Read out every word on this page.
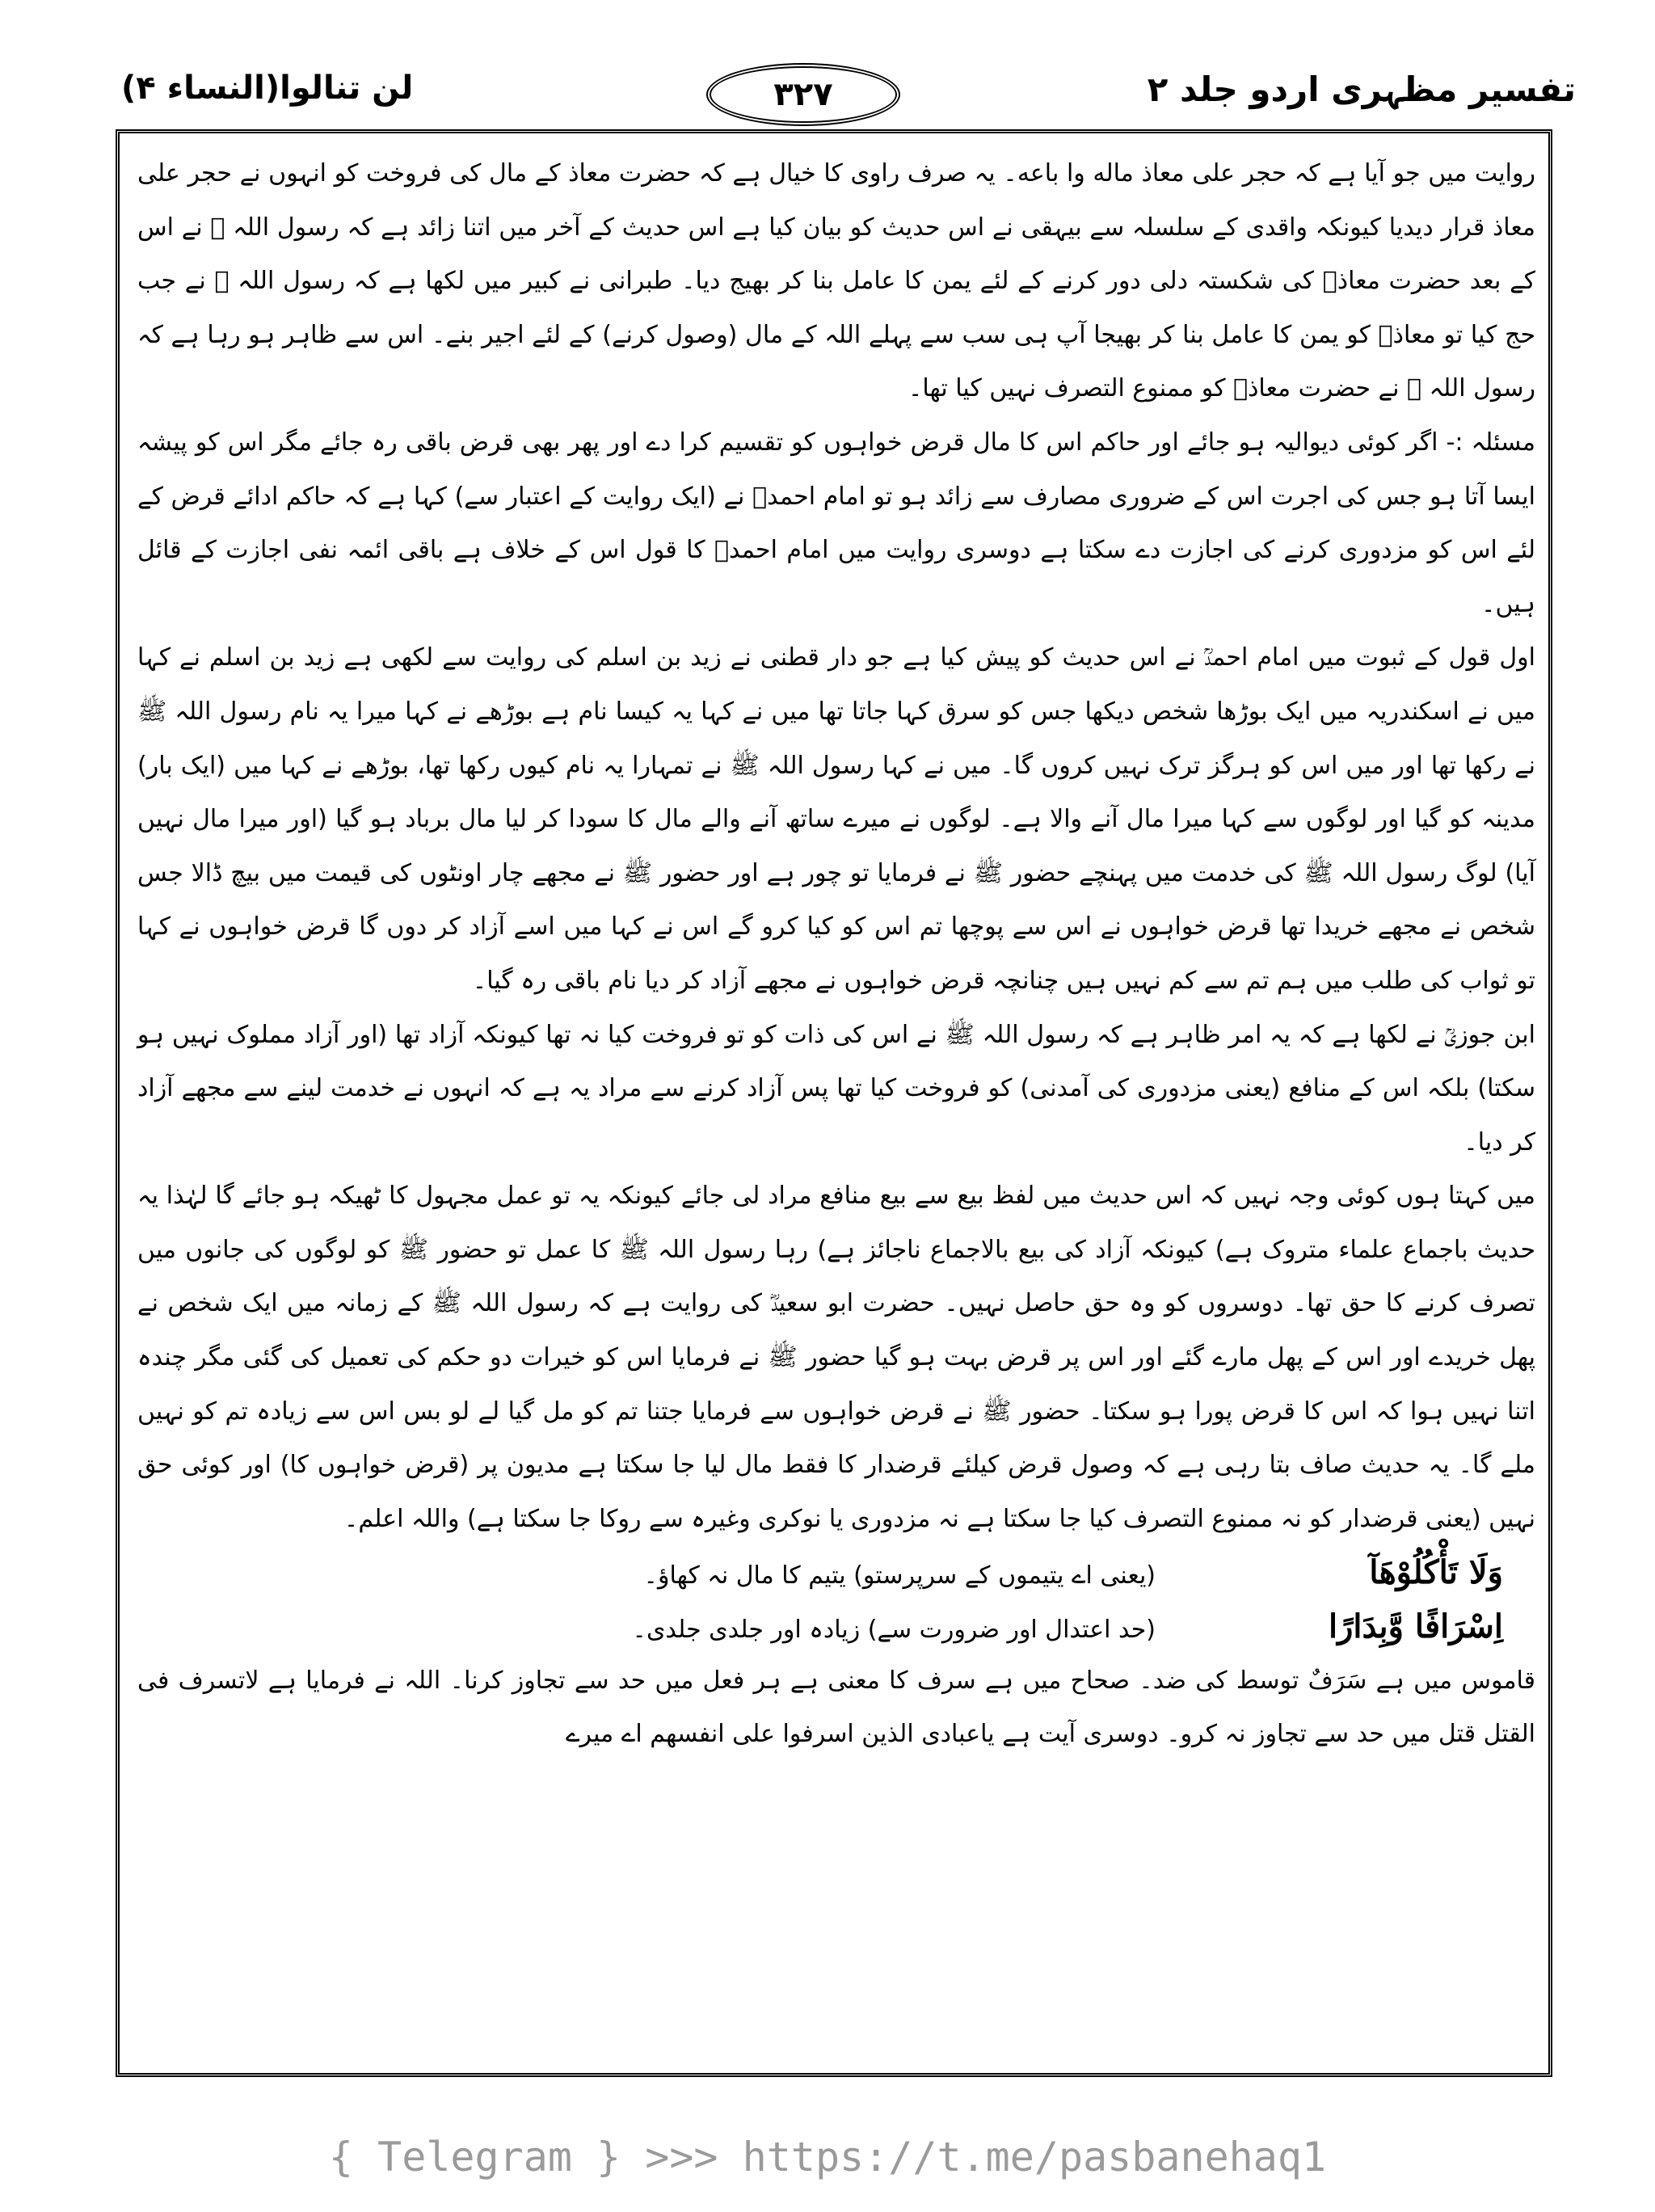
تفسیر مظہری اردو جلد ۲
۳۲۷
لن تنالوا(النساء ۴)

روایت میں جو آیا ہے کہ حجر علی معاذ ماله وا باعه۔ یہ صرف راوی کا خیال ہے کہ حضرت معاذ کے مال کی فروخت کو انہوں نے حجر علی معاذ قرار دیدیا کیونکہ واقدی کے سلسلہ سے بیہقی نے اس حدیث کو بیان کیا ہے اس حدیث کے آخر میں اتنا زائد ہے کہ رسول اللہ ﷺ نے اس کے بعد حضرت معاذؓ کی شکستہ دلی دور کرنے کے لئے یمن کا عامل بنا کر بھیج دیا۔ طبرانی نے کبیر میں لکھا ہے کہ رسول اللہ ﷺ نے جب حج کیا تو معاذؓ کو یمن کا عامل بنا کر بھیجا آپ ہی سب سے پہلے اللہ کے مال (وصول کرنے) کے لئے اجیر بنے۔ اس سے ظاہر ہو رہا ہے کہ رسول اللہ ﷺ نے حضرت معاذؓ کو ممنوع التصرف نہیں کیا تھا۔

مسئلہ :- اگر کوئی دیوالیہ ہو جائے اور حاکم اس کا مال قرض خواہوں کو تقسیم کرا دے اور پھر بھی قرض باقی رہ جائے مگر اس کو پیشہ ایسا آتا ہو جس کی اجرت اس کے ضروری مصارف سے زائد ہو تو امام احمدؒ نے (ایک روایت کے اعتبار سے) کہا ہے کہ حاکم ادائے قرض کے لئے اس کو مزدوری کرنے کی اجازت دے سکتا ہے دوسری روایت میں امام احمدؒ کا قول اس کے خلاف ہے باقی ائمہ نفی اجازت کے قائل ہیں۔

اول قول کے ثبوت میں امام احمدؒ نے اس حدیث کو پیش کیا ہے جو دار قطنی نے زید بن اسلم کی روایت سے لکھی ہے زید بن اسلم نے کہا میں نے اسکندریہ میں ایک بوڑھا شخص دیکھا جس کو سرق کہا جاتا تھا میں نے کہا یہ کیسا نام ہے بوڑھے نے کہا میرا یہ نام رسول اللہ ﷺ نے رکھا تھا اور میں اس کو ہرگز ترک نہیں کروں گا۔ میں نے کہا رسول اللہ ﷺ نے تمہارا یہ نام کیوں رکھا تھا، بوڑھے نے کہا میں (ایک بار) مدینہ کو گیا اور لوگوں سے کہا میرا مال آنے والا ہے۔ لوگوں نے میرے ساتھ آنے والے مال کا سودا کر لیا مال برباد ہو گیا (اور میرا مال نہیں آیا) لوگ رسول اللہ ﷺ کی خدمت میں پہنچے حضور ﷺ نے فرمایا تو چور ہے اور حضور ﷺ نے مجھے چار اونٹوں کی قیمت میں بیچ ڈالا جس شخص نے مجھے خریدا تھا قرض خواہوں نے اس سے پوچھا تم اس کو کیا کرو گے اس نے کہا میں اسے آزاد کر دوں گا قرض خواہوں نے کہا تو ثواب کی طلب میں ہم تم سے کم نہیں ہیں چنانچہ قرض خواہوں نے مجھے آزاد کر دیا نام باقی رہ گیا۔

ابن جوزیؒ نے لکھا ہے کہ یہ امر ظاہر ہے کہ رسول اللہ ﷺ نے اس کی ذات کو تو فروخت کیا نہ تھا کیونکہ آزاد تھا (اور آزاد مملوک نہیں ہو سکتا) بلکہ اس کے منافع (یعنی مزدوری کی آمدنی) کو فروخت کیا تھا پس آزاد کرنے سے مراد یہ ہے کہ انہوں نے خدمت لینے سے مجھے آزاد کر دیا۔

میں کہتا ہوں کوئی وجہ نہیں کہ اس حدیث میں لفظ بیع سے بیع منافع مراد لی جائے کیونکہ یہ تو عمل مجہول کا ٹھیکہ ہو جائے گا لہٰذا یہ حدیث باجماع علماء متروک ہے) کیونکہ آزاد کی بیع بالاجماع ناجائز ہے) رہا رسول اللہ ﷺ کا عمل تو حضور ﷺ کو لوگوں کی جانوں میں تصرف کرنے کا حق تھا۔ دوسروں کو وہ حق حاصل نہیں۔ حضرت ابو سعیدؓ کی روایت ہے کہ رسول اللہ ﷺ کے زمانہ میں ایک شخص نے پھل خریدے اور اس کے پھل مارے گئے اور اس پر قرض بہت ہو گیا حضور ﷺ نے فرمایا اس کو خیرات دو حکم کی تعمیل کی گئی مگر چندہ اتنا نہیں ہوا کہ اس کا قرض پورا ہو سکتا۔ حضور ﷺ نے قرض خواہوں سے فرمایا جتنا تم کو مل گیا لے لو بس اس سے زیادہ تم کو نہیں ملے گا۔ یہ حدیث صاف بتا رہی ہے کہ وصول قرض کیلئے قرضدار کا فقط مال لیا جا سکتا ہے مدیون پر (قرض خواہوں کا) اور کوئی حق نہیں (یعنی قرضدار کو نہ ممنوع التصرف کیا جا سکتا ہے نہ مزدوری یا نوکری وغیرہ سے روکا جا سکتا ہے) واللہ اعلم۔

وَلَا تَأْكُلُوْهَآ
(یعنی اے یتیموں کے سرپرستو) یتیم کا مال نہ کھاؤ۔
اِسْرَافًا وَّبِدَارًا
(حد اعتدال اور ضرورت سے) زیادہ اور جلدی جلدی۔

قاموس میں ہے سَرَفٌ توسط کی ضد۔ صحاح میں ہے سرف کا معنی ہے ہر فعل میں حد سے تجاوز کرنا۔ اللہ نے فرمایا ہے لاتسرف فی القتل قتل میں حد سے تجاوز نہ کرو۔ دوسری آیت ہے یاعبادی الذین اسرفوا علی انفسھم اے میرے

{ Telegram } >>> https://t.me/pasbanehaq1
